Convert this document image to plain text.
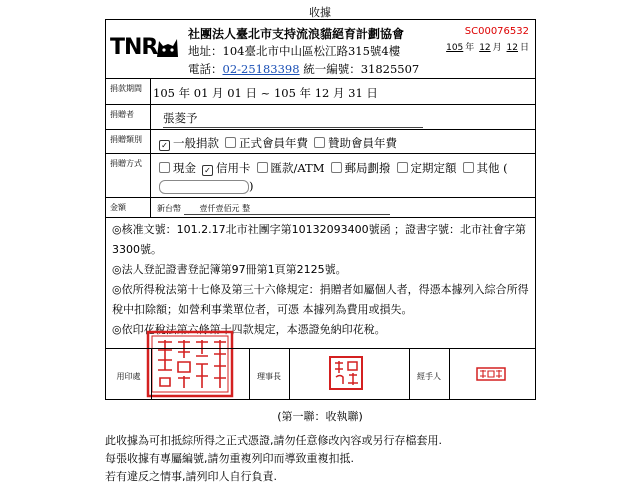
收據
TNR
社團法人臺北市支持流浪貓絕育計劃協會
地址：104臺北市中山區松江路315號4樓
電話：02-25183398 統一編號：31825507
SC00076532
105 年 12 月 12 日
捐款期間 105 年 01 月 01 日 ~ 105 年 12 月 31 日
捐贈者	張菱予
捐贈類別
✓ 一般捐款 正式會員年費 贊助會員年費
捐贈方式	現金 ✓ 信用卡 匯款/ATM 郵局劃撥 定期定額 其他 (
)
金額	新台幣 壹仟壹佰元 整

◎核准文號：101.2.17北市社團字第10132093400號函 ；證書字號：北市社會字第3300號。

◎法人登記證書登記簿第97冊第1頁第2125號。

◎依所得稅法第十七條及第三十六條規定：捐贈者如屬個人者，得憑本據列入綜合所得稅中扣除額；如營利事業單位者，可憑 本據列為費用或損失。

◎依印花稅法第六條第十四款規定，本憑證免納印花稅。

用印處	理事長	經手人
(第一聯：收執聯)

此收據為可扣抵綜所得之正式憑證,請勿任意修改內容或另行存檔套用.

每張收據有專屬編號,請勿重複列印而導致重複扣抵.

若有違反之情事,請列印人自行負責.
